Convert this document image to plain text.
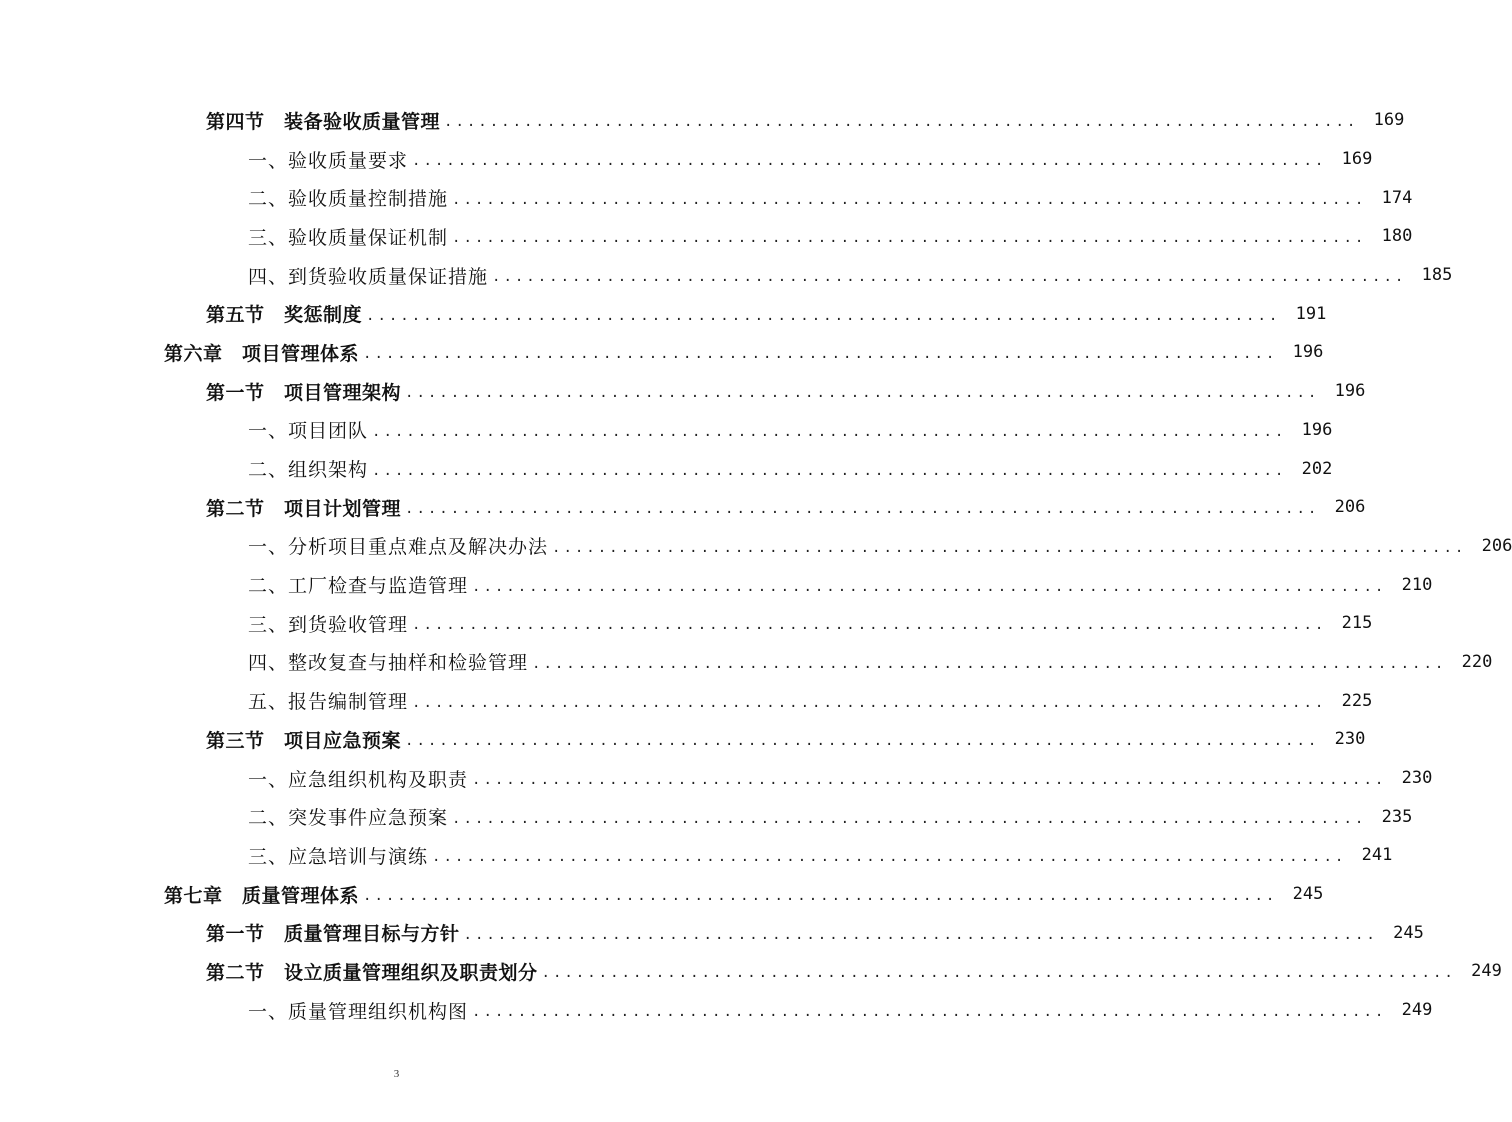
第四节　装备验收质量管理 ................................................................................ 169
一、验收质量要求 ................................................................................ 169
二、验收质量控制措施 ................................................................................ 174
三、验收质量保证机制 ................................................................................ 180
四、到货验收质量保证措施 ................................................................................ 185
第五节　奖惩制度 ................................................................................ 191
第六章　项目管理体系 ................................................................................ 196
第一节　项目管理架构 ................................................................................ 196
一、项目团队 ................................................................................ 196
二、组织架构 ................................................................................ 202
第二节　项目计划管理 ................................................................................ 206
一、分析项目重点难点及解决办法 ................................................................................ 206
二、工厂检查与监造管理 ................................................................................ 210
三、到货验收管理 ................................................................................ 215
四、整改复查与抽样和检验管理 ................................................................................ 220
五、报告编制管理 ................................................................................ 225
第三节　项目应急预案 ................................................................................ 230
一、应急组织机构及职责 ................................................................................ 230
二、突发事件应急预案 ................................................................................ 235
三、应急培训与演练 ................................................................................ 241
第七章　质量管理体系 ................................................................................ 245
第一节　质量管理目标与方针 ................................................................................ 245
第二节　设立质量管理组织及职责划分 ................................................................................ 249
一、质量管理组织机构图 ................................................................................ 249
3
